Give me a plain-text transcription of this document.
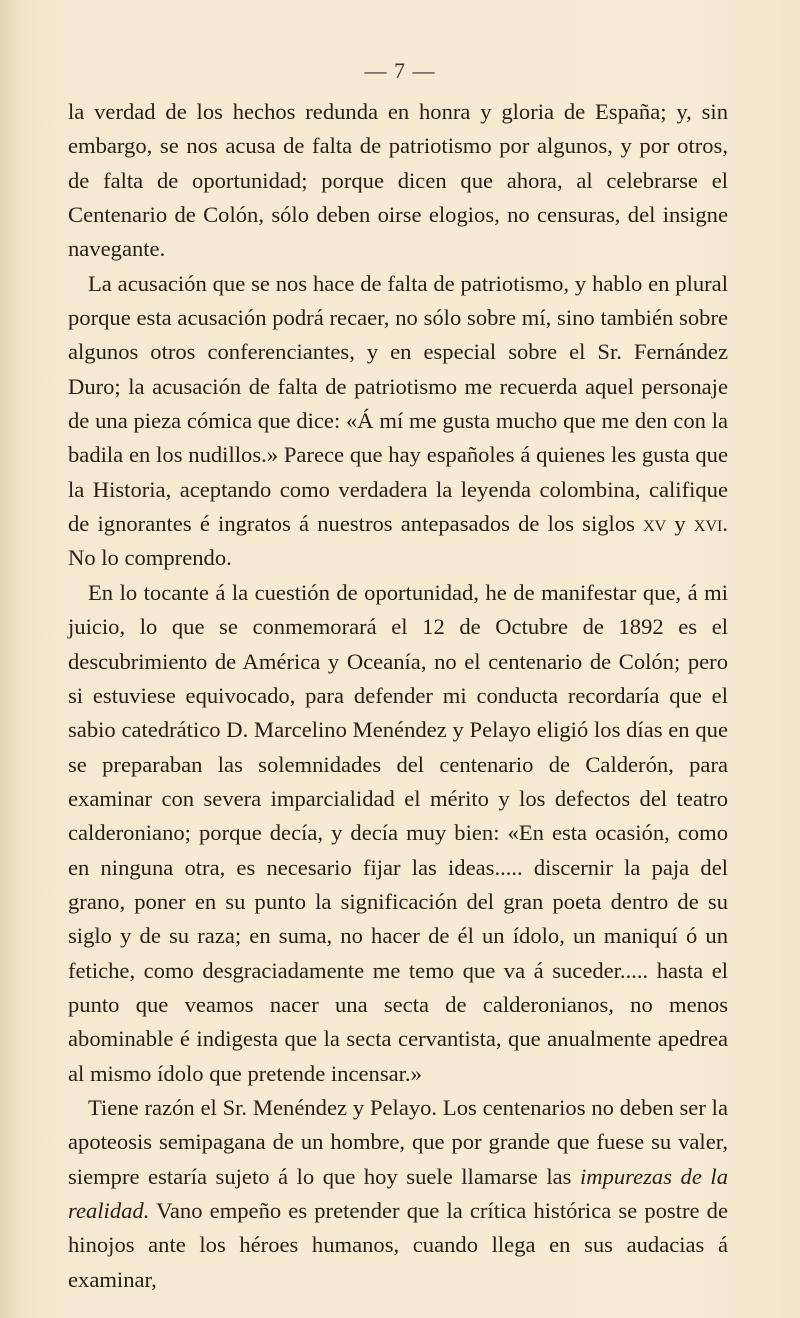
— 7 —

la verdad de los hechos redunda en honra y gloria de España; y, sin embargo, se nos acusa de falta de patriotismo por algunos, y por otros, de falta de oportunidad; porque dicen que ahora, al celebrarse el Centenario de Colón, sólo deben oirse elogios, no censuras, del insigne navegante.

La acusación que se nos hace de falta de patriotismo, y hablo en plural porque esta acusación podrá recaer, no sólo sobre mí, sino también sobre algunos otros conferenciantes, y en especial sobre el Sr. Fernández Duro; la acusación de falta de patriotismo me recuerda aquel personaje de una pieza cómica que dice: «Á mí me gusta mucho que me den con la badila en los nudillos.» Parece que hay españoles á quienes les gusta que la Historia, aceptando como verdadera la leyenda colombina, califique de ignorantes é ingratos á nuestros antepasados de los siglos xv y xvi. No lo comprendo.

En lo tocante á la cuestión de oportunidad, he de manifestar que, á mi juicio, lo que se conmemorará el 12 de Octubre de 1892 es el descubrimiento de América y Oceanía, no el centenario de Colón; pero si estuviese equivocado, para defender mi conducta recordaría que el sabio catedrático D. Marcelino Menéndez y Pelayo eligió los días en que se preparaban las solemnidades del centenario de Calderón, para examinar con severa imparcialidad el mérito y los defectos del teatro calderoniano; porque decía, y decía muy bien: «En esta ocasión, como en ninguna otra, es necesario fijar las ideas..... discernir la paja del grano, poner en su punto la significación del gran poeta dentro de su siglo y de su raza; en suma, no hacer de él un ídolo, un maniquí ó un fetiche, como desgraciadamente me temo que va á suceder..... hasta el punto que veamos nacer una secta de calderonianos, no menos abominable é indigesta que la secta cervantista, que anualmente apedrea al mismo ídolo que pretende incensar.»

Tiene razón el Sr. Menéndez y Pelayo. Los centenarios no deben ser la apoteosis semipagana de un hombre, que por grande que fuese su valer, siempre estaría sujeto á lo que hoy suele llamarse las impurezas de la realidad. Vano empeño es pretender que la crítica histórica se postre de hinojos ante los héroes humanos, cuando llega en sus audacias á examinar,
